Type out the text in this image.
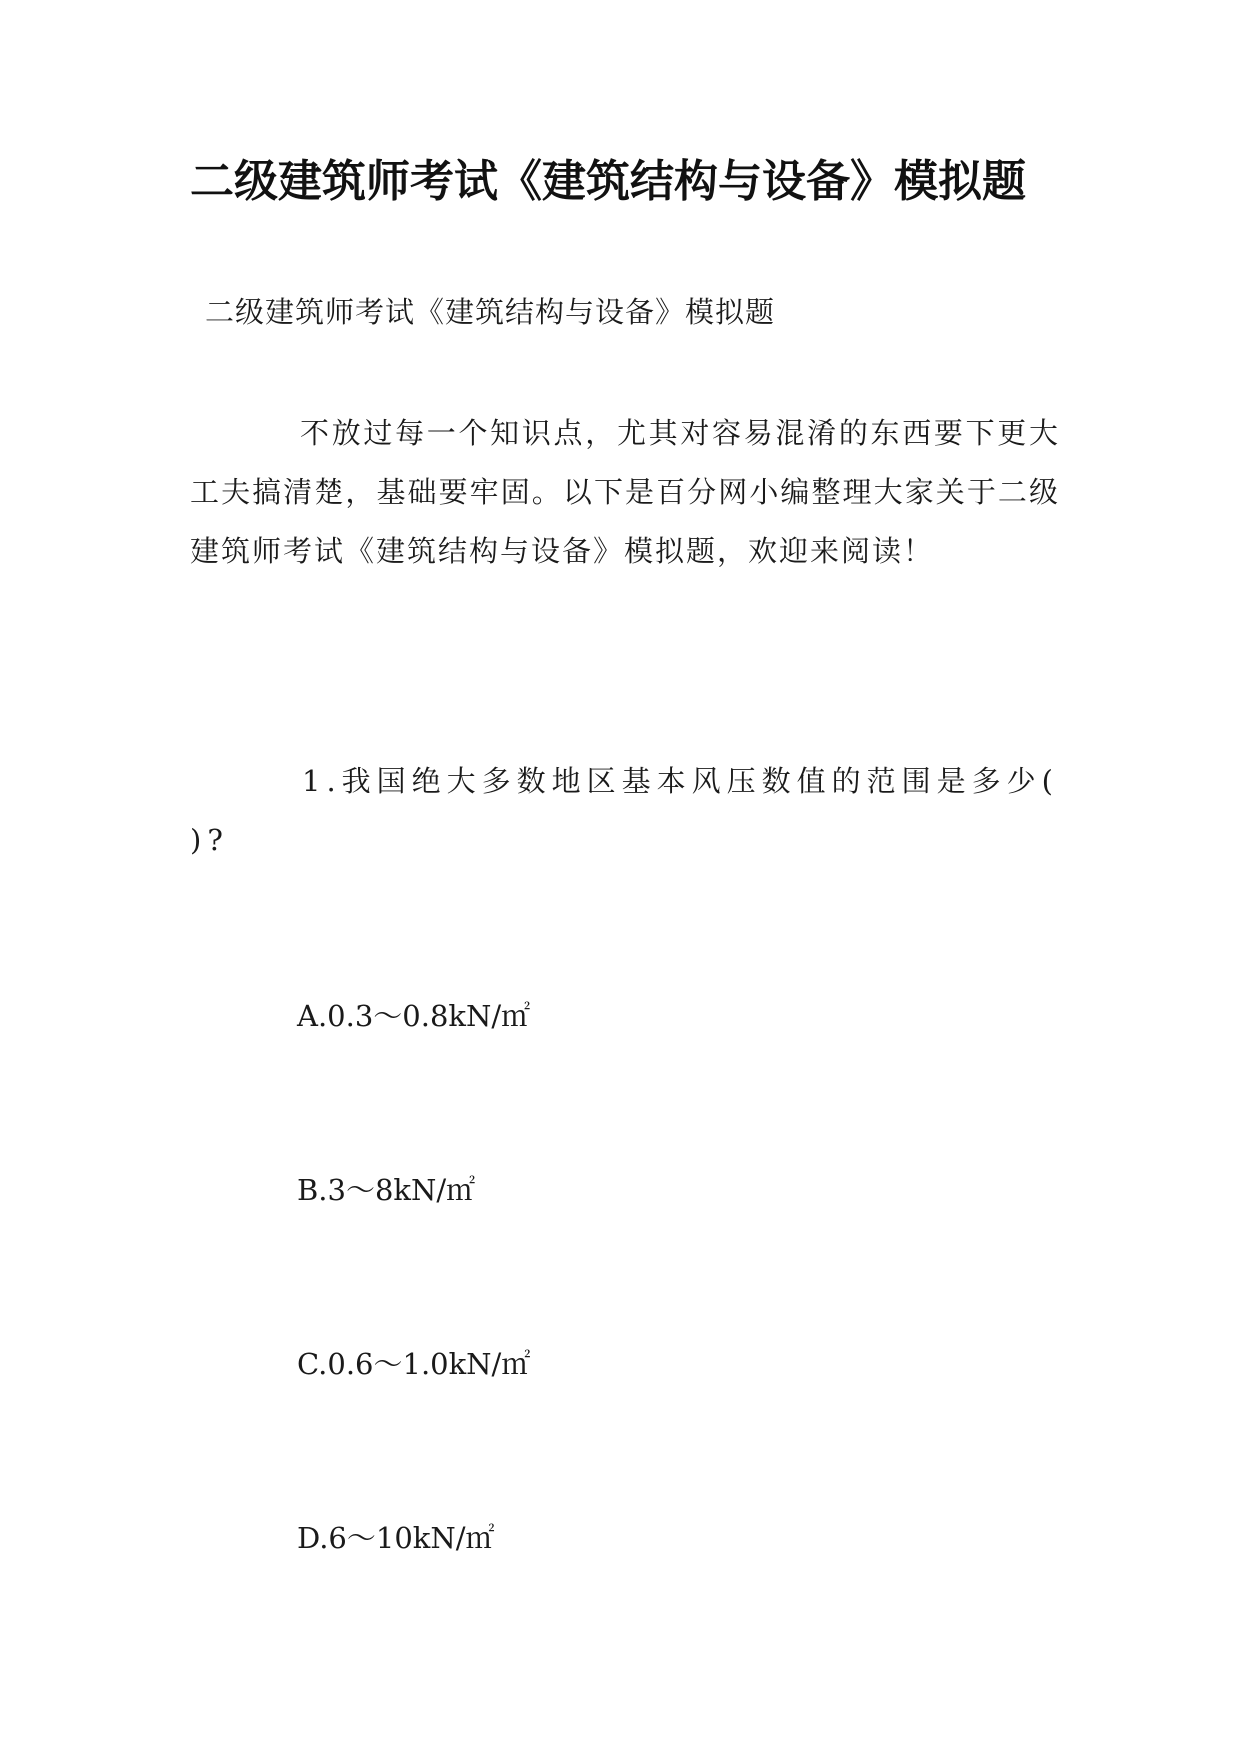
二级建筑师考试《建筑结构与设备》模拟题
二级建筑师考试《建筑结构与设备》模拟题
不放过每一个知识点，尤其对容易混淆的东西要下更大工夫搞清楚，基础要牢固。以下是百分网小编整理大家关于二级建筑师考试《建筑结构与设备》模拟题，欢迎来阅读！
1.我国绝大多数地区基本风压数值的范围是多少( )?
A.0.3～0.8kN/㎡
B.3～8kN/㎡
C.0.6～1.0kN/㎡
D.6～10kN/㎡
